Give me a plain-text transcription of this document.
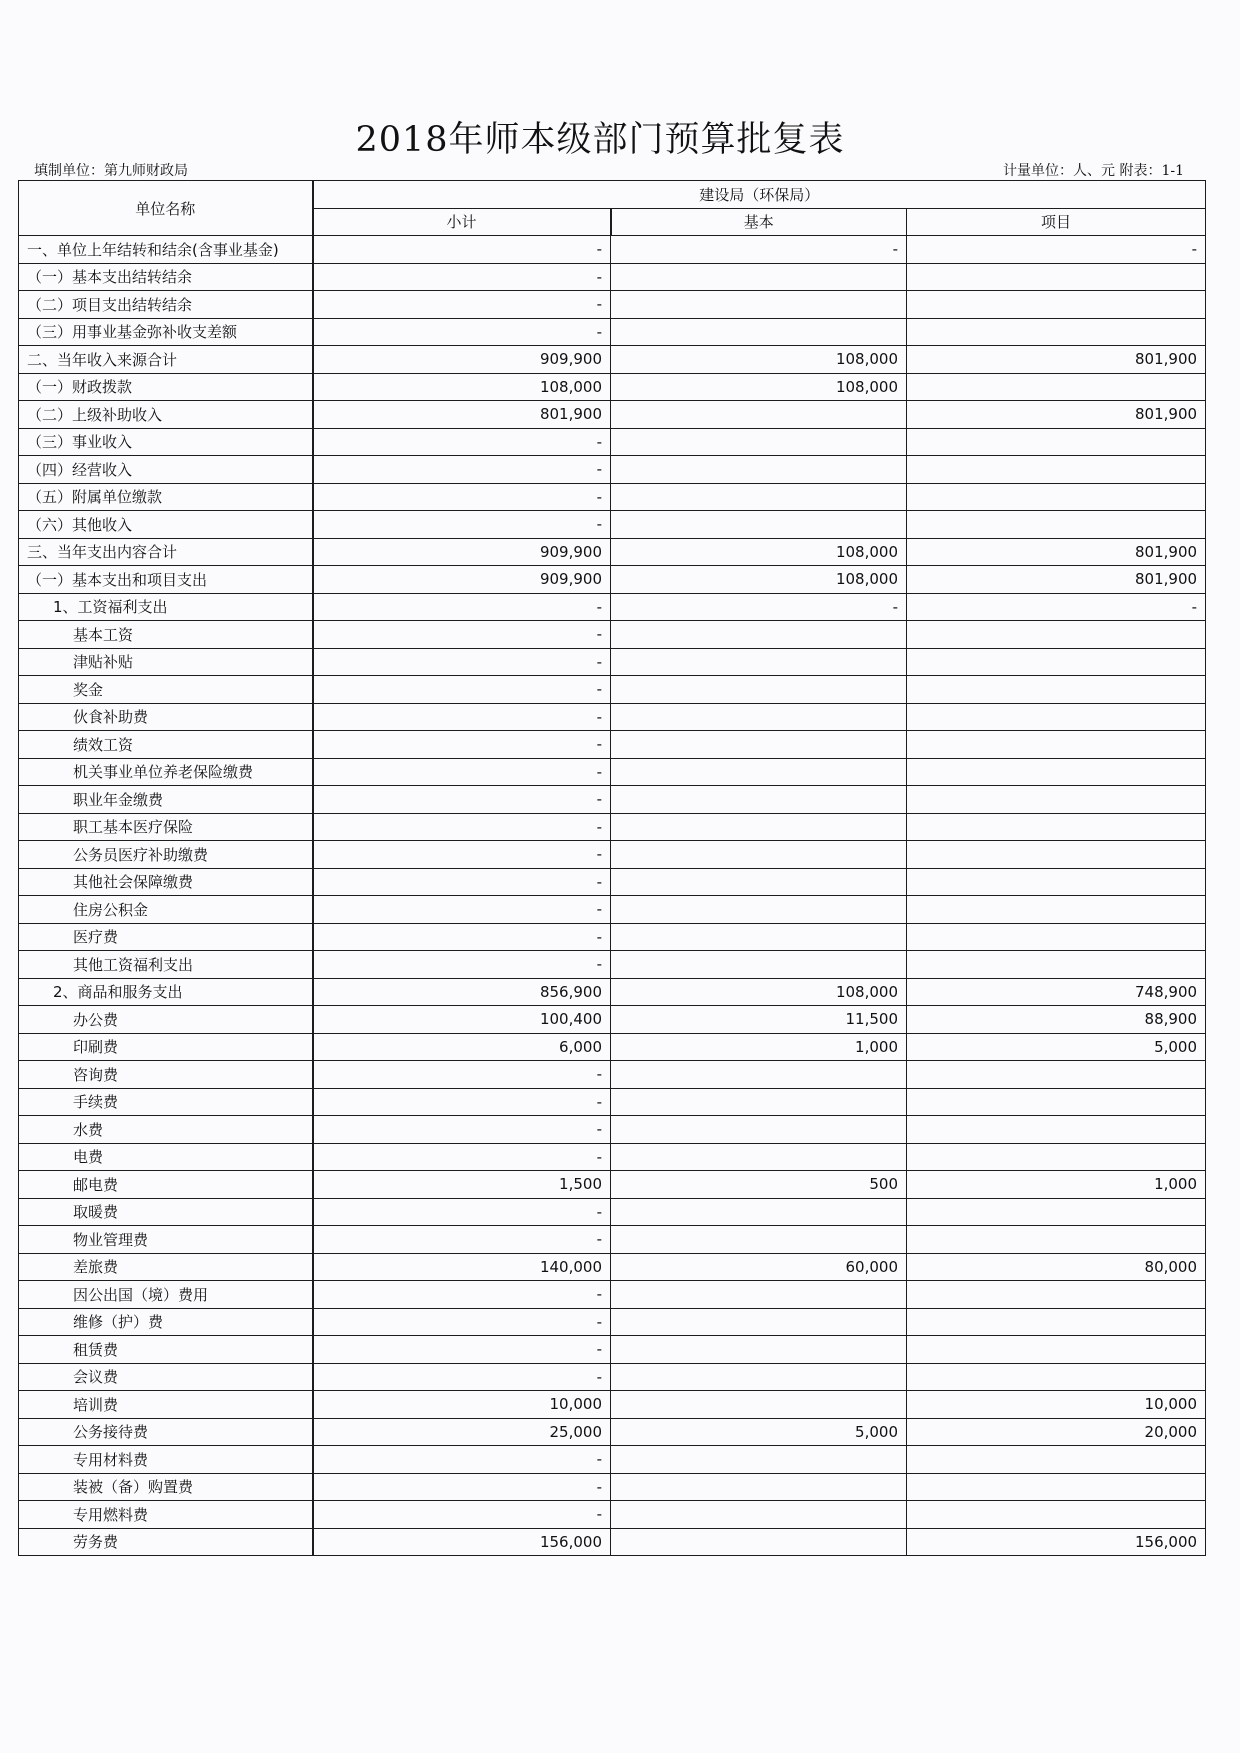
2018年师本级部门预算批复表
填制单位：第九师财政局	计量单位：人、元 附表：1-1
单位名称	建设局（环保局）		
	小计	基本	项目
一、单位上年结转和结余(含事业基金)	-	-	-
（一）基本支出结转结余	-		
（二）项目支出结转结余	-		
（三）用事业基金弥补收支差额	-		
二、当年收入来源合计	909,900	108,000	801,900
（一）财政拨款	108,000	108,000	
（二）上级补助收入	801,900		801,900
（三）事业收入	-		
（四）经营收入	-		
（五）附属单位缴款	-		
（六）其他收入	-		
三、当年支出内容合计	909,900	108,000	801,900
（一）基本支出和项目支出	909,900	108,000	801,900
1、工资福利支出	-	-	-
基本工资	-		
津贴补贴	-		
奖金	-		
伙食补助费	-		
绩效工资	-		
机关事业单位养老保险缴费	-		
职业年金缴费	-		
职工基本医疗保险	-		
公务员医疗补助缴费	-		
其他社会保障缴费	-		
住房公积金	-		
医疗费	-		
其他工资福利支出	-		
2、商品和服务支出	856,900	108,000	748,900
办公费	100,400	11,500	88,900
印刷费	6,000	1,000	5,000
咨询费	-		
手续费	-		
水费	-		
电费	-		
邮电费	1,500	500	1,000
取暖费	-		
物业管理费	-		
差旅费	140,000	60,000	80,000
因公出国（境）费用	-		
维修（护）费	-		
租赁费	-		
会议费	-		
培训费	10,000		10,000
公务接待费	25,000	5,000	20,000
专用材料费	-		
装被（备）购置费	-		
专用燃料费	-		
劳务费	156,000		156,000
